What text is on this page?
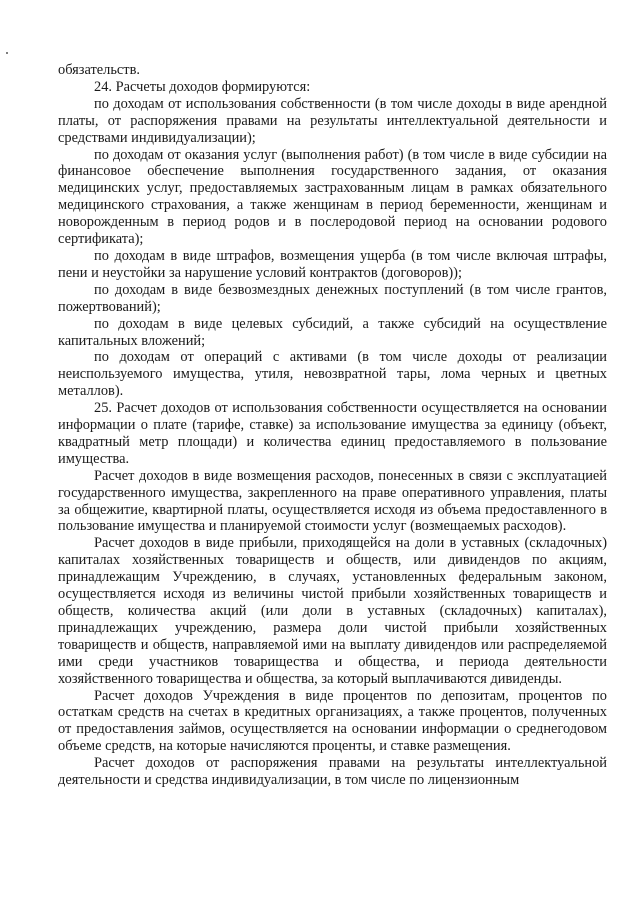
обязательств.

24. Расчеты доходов формируются:

по доходам от использования собственности (в том числе доходы в виде арендной платы, от распоряжения правами на результаты интеллектуальной деятельности и средствами индивидуализации);

по доходам от оказания услуг (выполнения работ) (в том числе в виде субсидии на финансовое обеспечение выполнения государственного задания, от оказания медицинских услуг, предоставляемых застрахованным лицам в рамках обязательного медицинского страхования, а также женщинам в период беременности, женщинам и новорожденным в период родов и в послеродовой период на основании родового сертификата);

по доходам в виде штрафов, возмещения ущерба (в том числе включая штрафы, пени и неустойки за нарушение условий контрактов (договоров));

по доходам в виде безвозмездных денежных поступлений (в том числе грантов, пожертвований);

по доходам в виде целевых субсидий, а также субсидий на осуществление капитальных вложений;

по доходам от операций с активами (в том числе доходы от реализации неиспользуемого имущества, утиля, невозвратной тары, лома черных и цветных металлов).

25. Расчет доходов от использования собственности осуществляется на основании информации о плате (тарифе, ставке) за использование имущества за единицу (объект, квадратный метр площади) и количества единиц предоставляемого в пользование имущества.

Расчет доходов в виде возмещения расходов, понесенных в связи с эксплуатацией государственного имущества, закрепленного на праве оперативного управления, платы за общежитие, квартирной платы, осуществляется исходя из объема предоставленного в пользование имущества и планируемой стоимости услуг (возмещаемых расходов).

Расчет доходов в виде прибыли, приходящейся на доли в уставных (складочных) капиталах хозяйственных товариществ и обществ, или дивидендов по акциям, принадлежащим Учреждению, в случаях, установленных федеральным законом, осуществляется исходя из величины чистой прибыли хозяйственных товариществ и обществ, количества акций (или доли в уставных (складочных) капиталах), принадлежащих учреждению, размера доли чистой прибыли хозяйственных товариществ и обществ, направляемой ими на выплату дивидендов или распределяемой ими среди участников товарищества и общества, и периода деятельности хозяйственного товарищества и общества, за который выплачиваются дивиденды.

Расчет доходов Учреждения в виде процентов по депозитам, процентов по остаткам средств на счетах в кредитных организациях, а также процентов, полученных от предоставления займов, осуществляется на основании информации о среднегодовом объеме средств, на которые начисляются проценты, и ставке размещения.

Расчет доходов от распоряжения правами на результаты интеллектуальной деятельности и средства индивидуализации, в том числе по лицензионным
